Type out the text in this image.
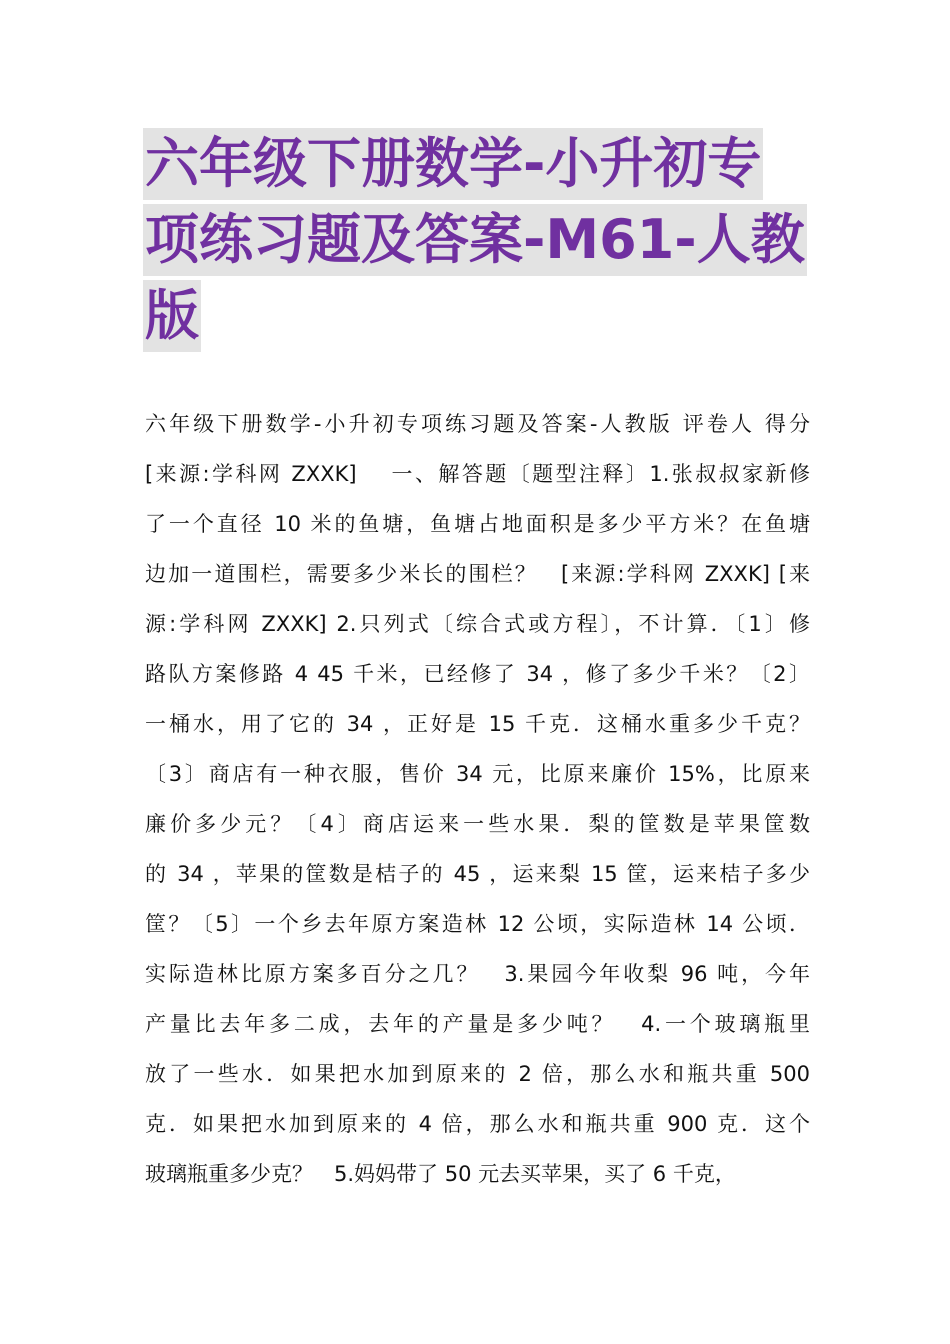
六年级下册数学-小升初专
项练习题及答案-M61-人教
版
六年级下册数学-小升初专项练习题及答案-人教版 评卷人 得分
[来源:学科网 ZXXK]　 一、解答题〔题型注释〕1.张叔叔家新修
了一个直径 10 米的鱼塘，鱼塘占地面积是多少平方米？在鱼塘
边加一道围栏，需要多少米长的围栏？　[来源:学科网 ZXXK] [来
源:学科网 ZXXK] 2.只列式〔综合式或方程〕，不计算．〔1〕修
路队方案修路 4 45 千米，已经修了 34 ，修了多少千米？〔2〕
一桶水，用了它的 34 ，正好是 15 千克．这桶水重多少千克？
〔3〕商店有一种衣服，售价 34 元，比原来廉价 15%，比原来
廉价多少元？〔4〕商店运来一些水果．梨的筐数是苹果筐数
的 34 ，苹果的筐数是桔子的 45 ，运来梨 15 筐，运来桔子多少
筐？〔5〕一个乡去年原方案造林 12 公顷，实际造林 14 公顷．
实际造林比原方案多百分之几？　3.果园今年收梨 96 吨，今年
产量比去年多二成，去年的产量是多少吨？　4.一个玻璃瓶里
放了一些水．如果把水加到原来的 2 倍，那么水和瓶共重 500
克．如果把水加到原来的 4 倍，那么水和瓶共重 900 克．这个
玻璃瓶重多少克？　5.妈妈带了 50 元去买苹果，买了 6 千克，
